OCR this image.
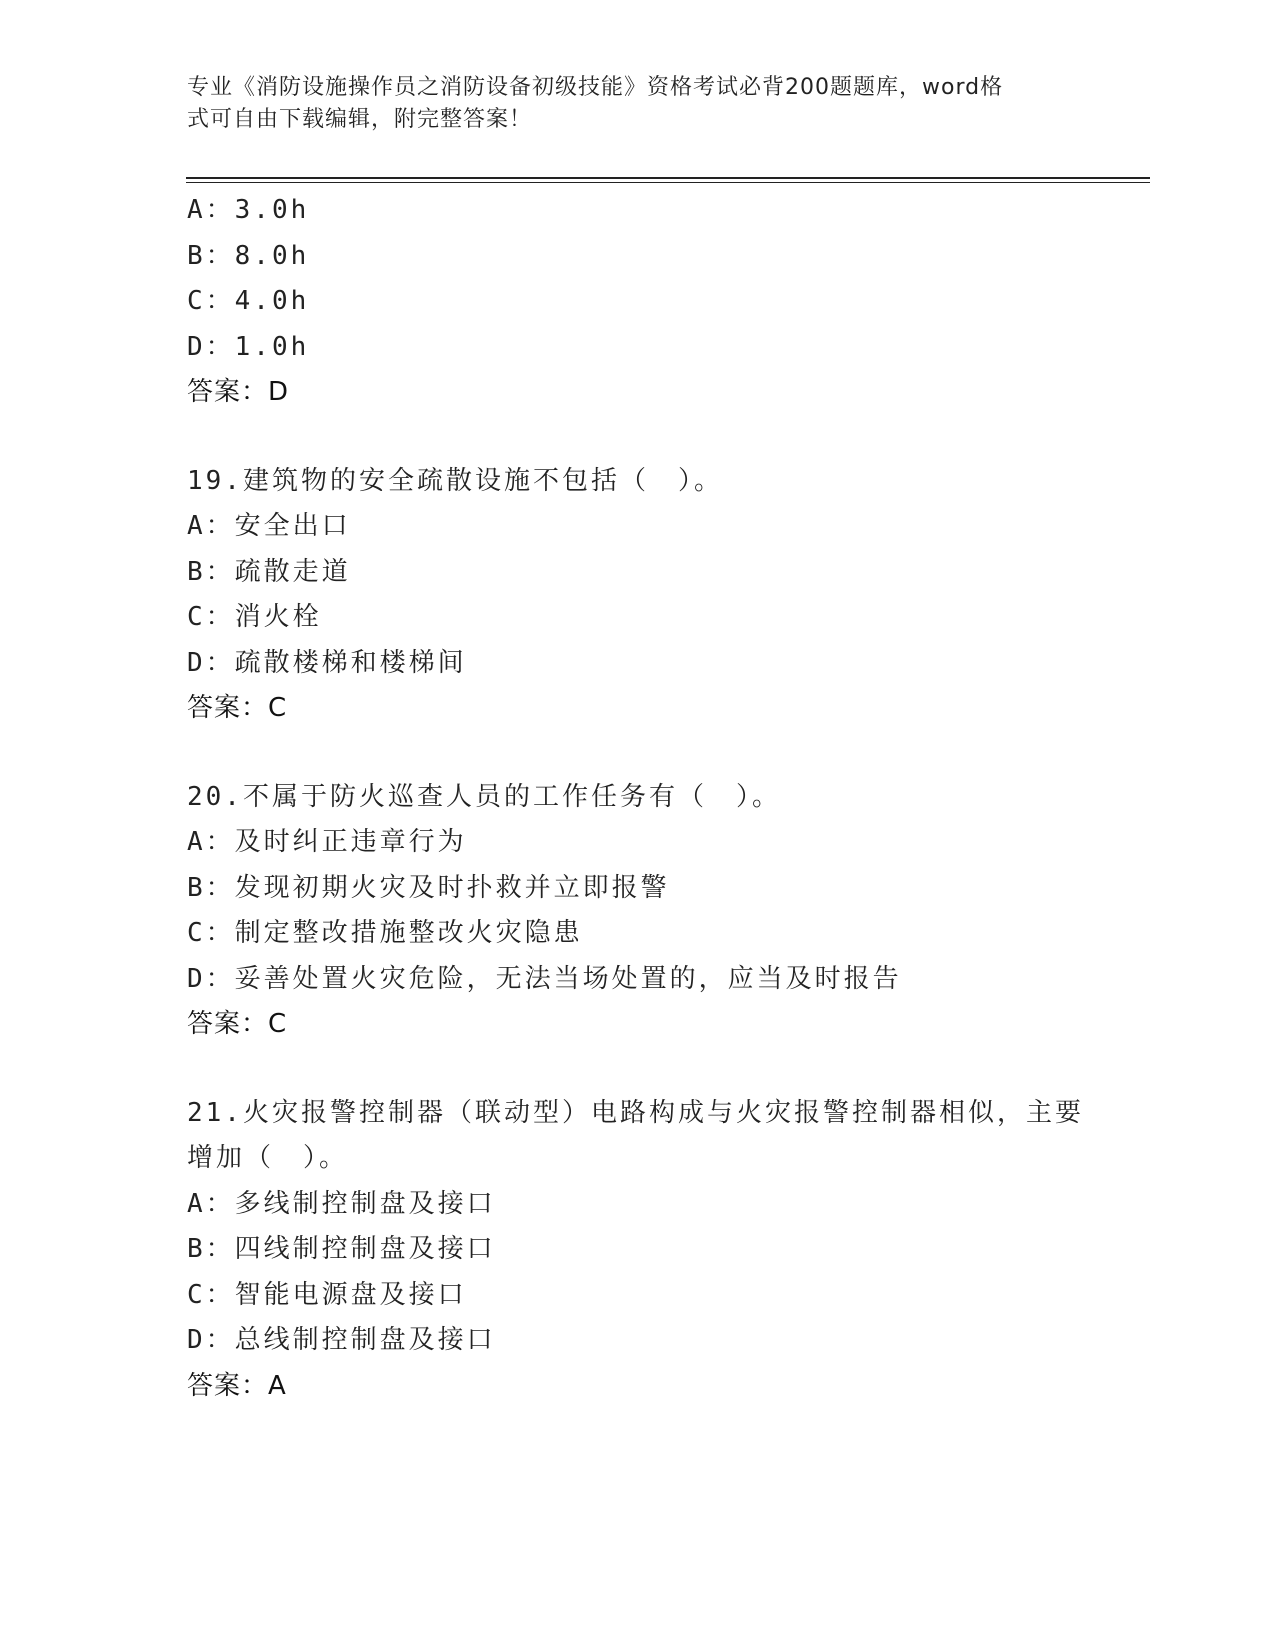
专业《消防设施操作员之消防设备初级技能》资格考试必背200题题库，word格
式可自由下载编辑，附完整答案！
A：3.0h
B：8.0h
C：4.0h
D：1.0h
答案：D
19.建筑物的安全疏散设施不包括（　）。
A：安全出口
B：疏散走道
C：消火栓
D：疏散楼梯和楼梯间
答案：C
20.不属于防火巡查人员的工作任务有（　）。
A：及时纠正违章行为
B：发现初期火灾及时扑救并立即报警
C：制定整改措施整改火灾隐患
D：妥善处置火灾危险，无法当场处置的，应当及时报告
答案：C
21.火灾报警控制器（联动型）电路构成与火灾报警控制器相似，主要
增加（　）。
A：多线制控制盘及接口
B：四线制控制盘及接口
C：智能电源盘及接口
D：总线制控制盘及接口
答案：A
